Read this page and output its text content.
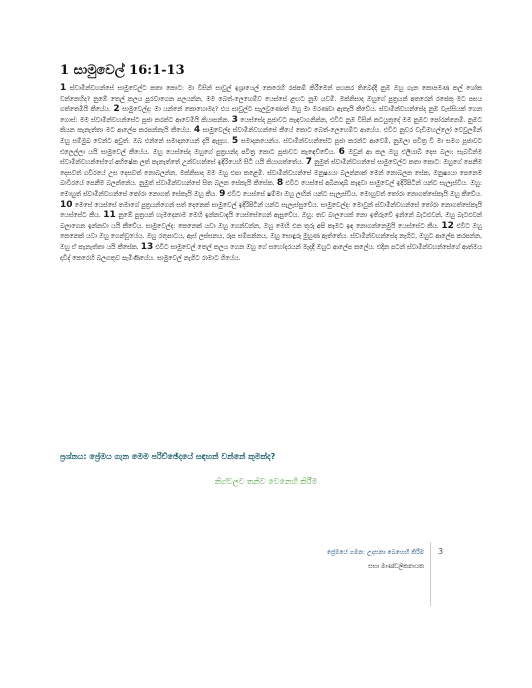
1 සාමුවෙල් 16:1-13

1 ස්වාමීන්වහන්සේ සාමුවෙල්ට කතා කොට: මා විසින් සාවුල් ඉශ්‍රායෙල් කෙරෙහි රජකම් කිරීමෙන් පහකර තිබෙද්දී නුඹ ඔහු ගැන කොපමණ කල් ශෝක වන්නෙහිද? නුඹේ තෙල් කලය පුරවාගෙන පලයන්න, මම බෙත්-ලෙහෙම්ව යෙස්සේ ළඟට නුඹ යවමි. මක්නිසාද ඔහුගේ පුත්‍රයන් අතරෙන් රජෙකු මට පසය ගත්තෙමියි කීයේය. 2 සාමුවෙල්ද: මා යන්නේ කොහොමද? එය සාවුල්ට සැලවුණොත් ඔහු මා මරණවා ඇතැයි කීවේය. ස්වාමීන්වහන්සේද නුඹ වැස්සියක් ගෙන ගොස්: මම ස්වාමීන්වහන්සේට පූජා කරන්ට ආවෙමියි කියාපන්න. 3 යෙස්සේද පූජාවට කැඳවාගනින්න, එවිට නුඹ විසින් කටයුතුදේ මම නුඹට පෝරන්නෙමි. නුඹට කියන කැනැත්තා මට ආලේප කරපන්නැයි කීයේය. 4 සාමුවෙල්ද ස්වාමීන්වහන්සේ කීයේ කොට බෙත්-ලෙහෙම්ට ආයේය. එවිට නුවර වැඩිමහල්ලෝ වෙවුලමින් ඔහු සම්මුඛ වෙන්ට අවුත්: ඔබ එන්නේ සමාදානයෙන් දැයි ඇසූහ. 5 සමාදානයෙන්ය. ස්වාමීන්වහන්සේට පූජා කරන්ට ආවෙමි, නුඹලා පවිත්‍ර වී මා සමග පූජාවට එලෙල්ලා යයි සාමුවෙල් කීයේය. ඔහු යෙස්සේද ඔහුගේ පුත්‍රයන්ද පවිත්‍ර කොට පූජාවට කැඳෙව්වේය. 6 ඔවුන් ආ කල ඔහු එලියාබ් දෙස බලා: සැබවින්ම ස්වාමීන්වහන්සේගේ අභිෂේක ලත් කැනැත්තේ උන්වහන්සේ ඉදිරියෙහි සිටී යයි කියාගත්තේය. 7 නුමුත් ස්වාමීන්වහන්සේ සාමුවෙල්ට කතා කොට: ඔහුගේ පෙනීම දෙසවත් ගවිරයේ උස දෙසවත් නොබලන්න, මක්නිසාද මම ඔහු එපා කළෙමි. ස්වාමීන්වහන්සේ මනුෂ්‍යයා බලන්නාක් මෙන් නොබලන සේක, මනුෂ්‍යයා පෙනෙම බාවිරයේ පෙනීම බලන්නේය. නුමුත් ස්වාමීන්වහන්සේ සිත බලන සේකැයි කීසේක. 8 එවිට යෙස්සේ අබිනාදාබ් කැඳවා සාමුවෙල් ඉදිරිපිටින් යන්ට සැලැස්වීය. ඔහු: මොහුත් ස්වාමීන්වහන්සේ තෝරා නොගත් සේකැයි ඔහු කීය. 9 එවිට යෙස්සේ ෂම්මා ඔහු ලඟින් යන්ට සැලැස්වීය. මොහුවත් තෝරා නොගත්සේකැයි ඔහු කීවේය. 10 මෙසේ යෙස්සේ තමාගේ පුත්‍රයන්ගෙන් සත් දෙනෙක් සාමුවෙල් ඉදිරිපිටින් යන්ට සැලැස්සුවේය. සාමුවෙල්ද: මොවුන් ස්වාමීන්වහන්සේ තෝරා නොගත්සේකැයි යෙස්සේට කීය. 11 නුඹේ පුත්‍රයන් හැමදෙනාම මෙහි ඉන්නවාදැයි යෙස්සේගෙන් ඇසුවේය. ඔහු: තව බාලයෙක් නො ඉතිරුවේ ඉන්නේ බැටළුවන්, ඔහු බැටළුවන් බලාගෙන ඉන්නවා යයි කීවේය. සාමුවෙල්ද: කෙනෙක් යවා ඔහු ගෙන්වන්න, ඔහු මෙහි එන තුරු අපි කෑමට ඉඳ නොගන්නෙමුයි යෙස්සේට කීය. 12 එවිට ඔහු කෙනෙක් යවා ඔහු ගෙන්වූයේය. ඔහු රතුපාටය, ඇස් ලස්සනය, රූප සම්පන්නය, ඔහු සොඳුරු මුහුණ ඇත්තේය. ස්වාමීන්වහන්සේද නැගිට, ඔහුට ආලේප කරපන්න, ඔහු ඒ කැනැත්තා යයි කීසේක. 13 එවිට සාමුවෙල් තෙල් කලය ගෙන ඔහු ගේ සහෝදරයන් මැදදී ඔහුට ආලේප කලේය. එදින පටන් ස්වාමීන්වහන්සේගේ ආත්මය දාවිද් කෙරෙහි බලගතුව පැමිණියේය. සාමුවෙල් නැගිට රාමාට ගියේය.

ප්‍රශ්නය: ප්‍රේමය ගැන මෙම පරිච්ඡේදයේ සඳහන් වන්නේ කුමක්ද?

නිග්වලව තනිව වෙනෙහි කිරීම

ප්‍රේමයේ ගමන: උදාසනා බෙහෙහි කිරීම

සභා මාණ්ඩලිකනායක

3
